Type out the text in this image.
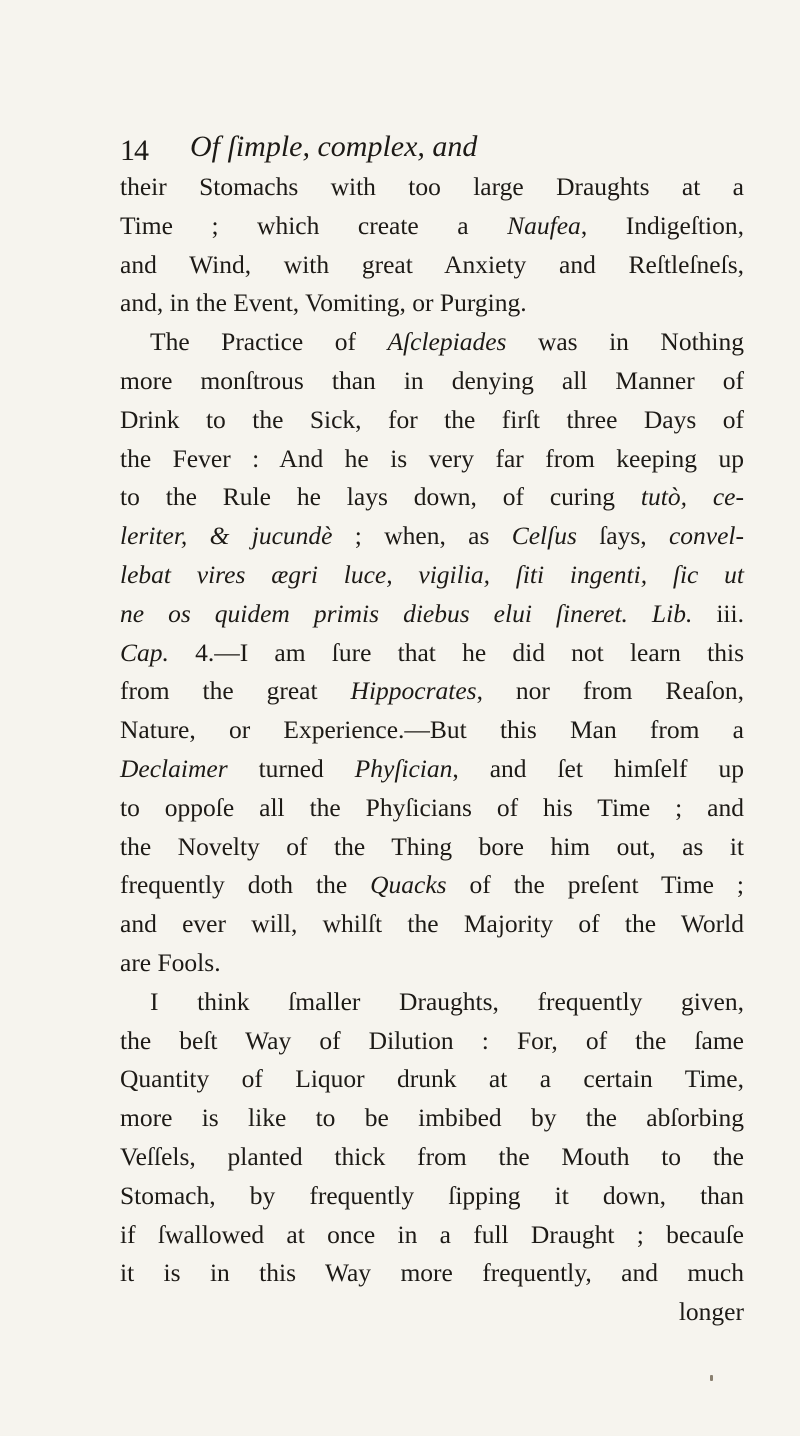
14 Of ſimple, complex, and
their Stomachs with too large Draughts at a
Time ; which create a Naufea, Indigeſtion,
and Wind, with great Anxiety and Reſtleſneſs,
and, in the Event, Vomiting, or Purging.
The Practice of Aſclepiades was in Nothing
more monſtrous than in denying all Manner of
Drink to the Sick, for the firſt three Days of
the Fever : And he is very far from keeping up
to the Rule he lays down, of curing tutò, ce-
leriter, & jucundè ; when, as Celſus ſays, convel-
lebat vires ægri luce, vigilia, ſiti ingenti, ſic ut
ne os quidem primis diebus elui ſineret. Lib. iii.
Cap. 4.—I am ſure that he did not learn this
from the great Hippocrates, nor from Reaſon,
Nature, or Experience.—But this Man from a
Declaimer turned Phyſician, and ſet himſelf up
to oppoſe all the Phyſicians of his Time ; and
the Novelty of the Thing bore him out, as it
frequently doth the Quacks of the preſent Time ;
and ever will, whilſt the Majority of the World
are Fools.
I think ſmaller Draughts, frequently given,
the beſt Way of Dilution : For, of the ſame
Quantity of Liquor drunk at a certain Time,
more is like to be imbibed by the abſorbing
Veſſels, planted thick from the Mouth to the
Stomach, by frequently ſipping it down, than
if ſwallowed at once in a full Draught ; becauſe
it is in this Way more frequently, and much
longer
